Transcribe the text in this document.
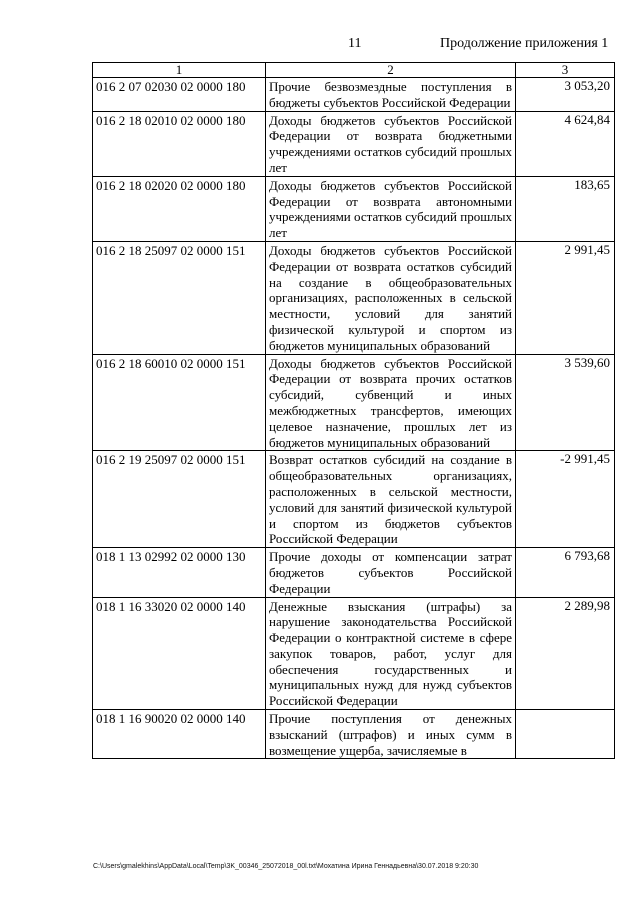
11	Продолжение приложения 1
1	2	3
016 2 07 02030 02 0000 180	Прочие безвозмездные поступления в бюджеты субъектов Российской Федерации	3 053,20
016 2 18 02010 02 0000 180	Доходы бюджетов субъектов Российской Федерации от возврата бюджетными учреждениями остатков субсидий прошлых лет	4 624,84
016 2 18 02020 02 0000 180	Доходы бюджетов субъектов Российской Федерации от возврата автономными учреждениями остатков субсидий прошлых лет	183,65
016 2 18 25097 02 0000 151	Доходы бюджетов субъектов Российской Федерации от возврата остатков субсидий на создание в общеобразовательных организациях, расположенных в сельской местности, условий для занятий физической культурой и спортом из бюджетов муниципальных образований	2 991,45
016 2 18 60010 02 0000 151	Доходы бюджетов субъектов Российской Федерации от возврата прочих остатков субсидий, субвенций и иных межбюджетных трансфертов, имеющих целевое назначение, прошлых лет из бюджетов муниципальных образований	3 539,60
016 2 19 25097 02 0000 151	Возврат остатков субсидий на создание в общеобразовательных организациях, расположенных в сельской местности, условий для занятий физической культурой и спортом из бюджетов субъектов Российской Федерации	-2 991,45
018 1 13 02992 02 0000 130	Прочие доходы от компенсации затрат бюджетов субъектов Российской Федерации	6 793,68
018 1 16 33020 02 0000 140	Денежные взыскания (штрафы) за нарушение законодательства Российской Федерации о контрактной системе в сфере закупок товаров, работ, услуг для обеспечения государственных и муниципальных нужд для нужд субъектов Российской Федерации	2 289,98
018 1 16 90020 02 0000 140	Прочие поступления от денежных взысканий (штрафов) и иных сумм в возмещение ущерба, зачисляемые в	
C:\Users\gmalekhins\AppData\Local\Temp\3K_00346_25072018_00l.txt\Мохатина Ирина Геннадьевна\30.07.2018 9:20:30
